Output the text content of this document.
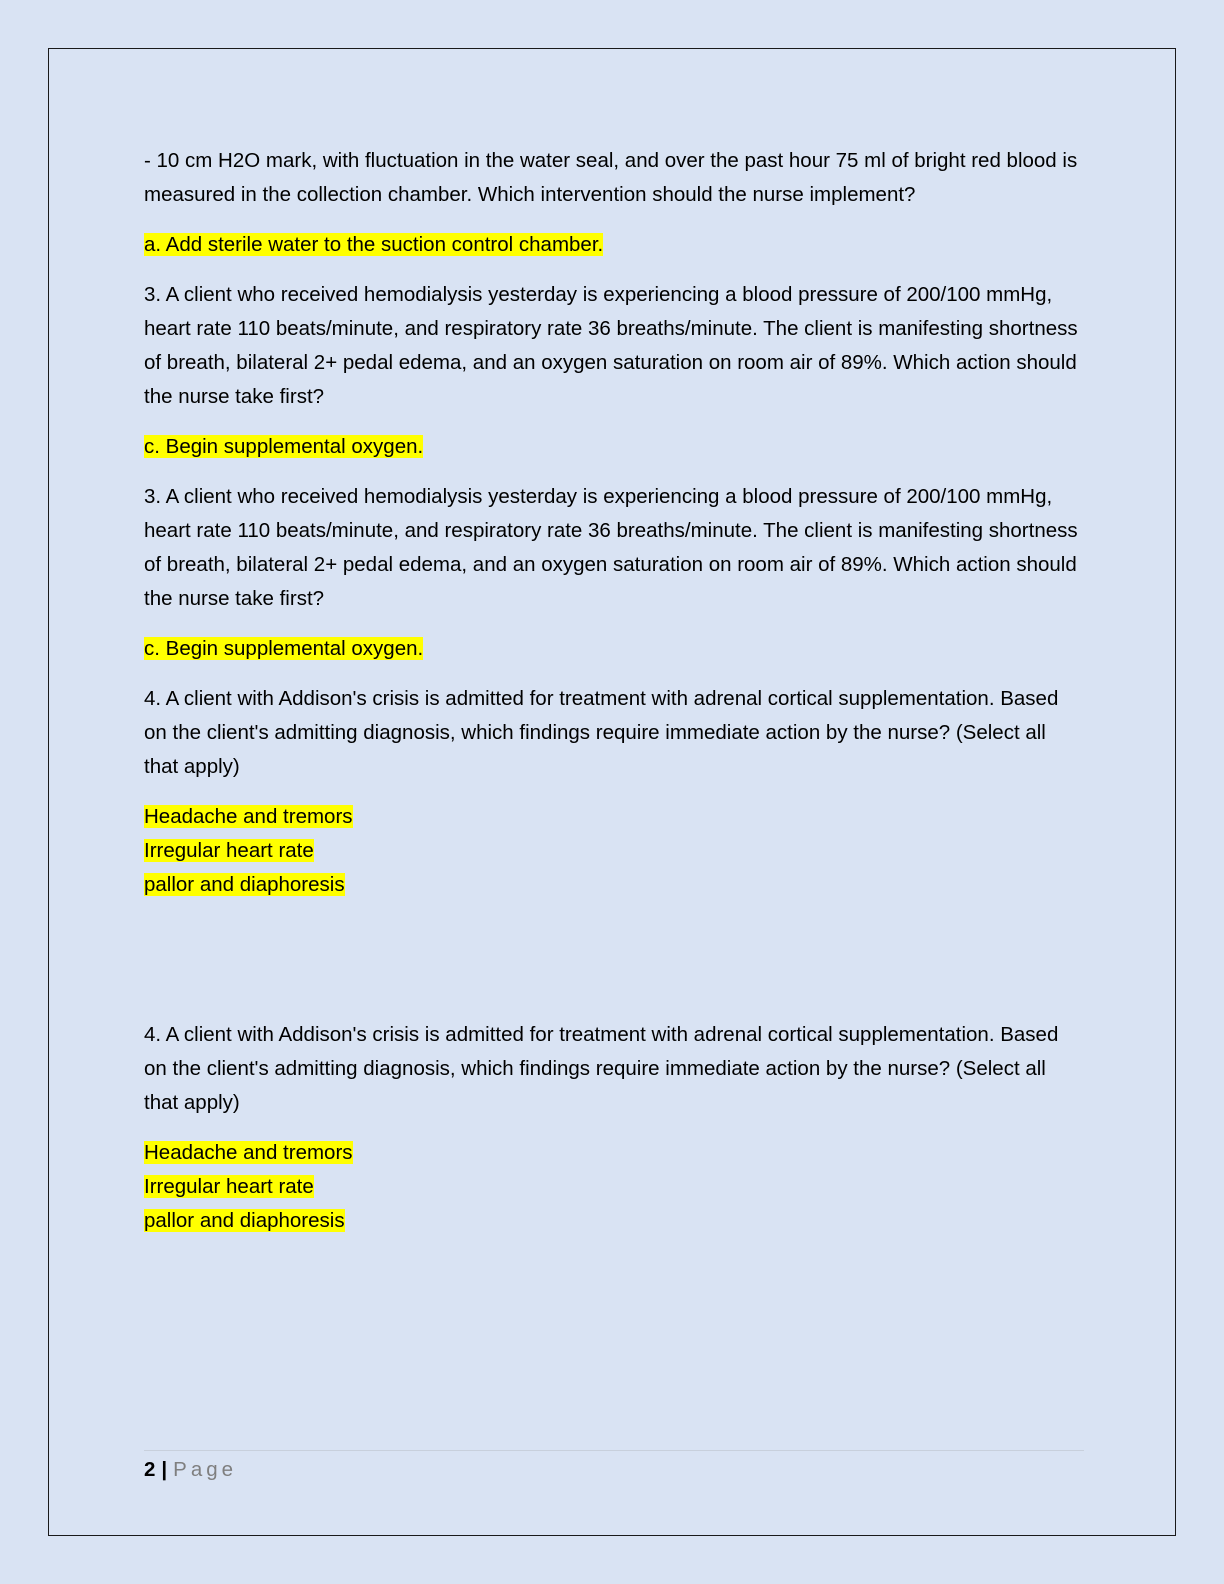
- 10 cm H2O mark, with fluctuation in the water seal, and over the past hour 75 ml of bright red blood is measured in the collection chamber. Which intervention should the nurse implement?

a. Add sterile water to the suction control chamber.

3. A client who received hemodialysis yesterday is experiencing a blood pressure of 200/100 mmHg, heart rate 110 beats/minute, and respiratory rate 36 breaths/minute. The client is manifesting shortness of breath, bilateral 2+ pedal edema, and an oxygen saturation on room air of 89%. Which action should the nurse take first?

c. Begin supplemental oxygen.

3. A client who received hemodialysis yesterday is experiencing a blood pressure of 200/100 mmHg, heart rate 110 beats/minute, and respiratory rate 36 breaths/minute. The client is manifesting shortness of breath, bilateral 2+ pedal edema, and an oxygen saturation on room air of 89%. Which action should the nurse take first?

c. Begin supplemental oxygen.

4. A client with Addison's crisis is admitted for treatment with adrenal cortical supplementation. Based on the client's admitting diagnosis, which findings require immediate action by the nurse? (Select all that apply)

Headache and tremors
Irregular heart rate
pallor and diaphoresis

4. A client with Addison's crisis is admitted for treatment with adrenal cortical supplementation. Based on the client's admitting diagnosis, which findings require immediate action by the nurse? (Select all that apply)

Headache and tremors
Irregular heart rate
pallor and diaphoresis
2 | Page
